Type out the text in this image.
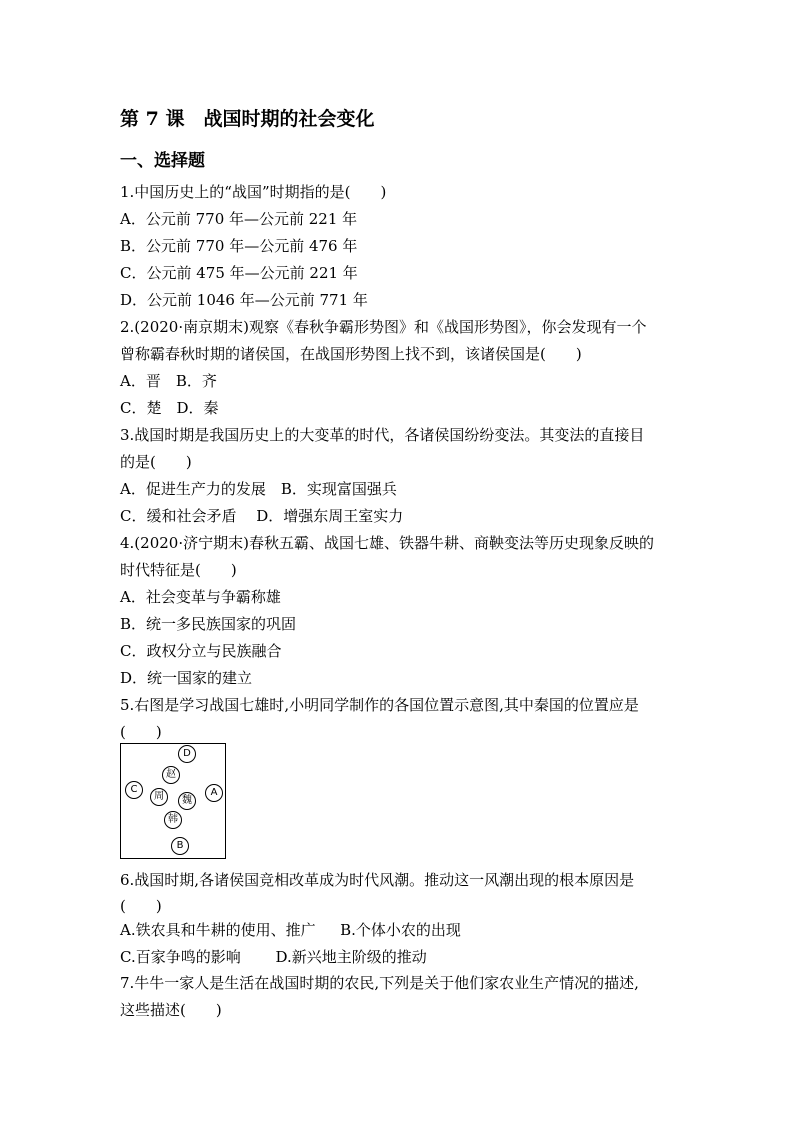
第 7 课　战国时期的社会变化
一、选择题
1.中国历史上的“战国”时期指的是(　　)
A．公元前 770 年—公元前 221 年
B．公元前 770 年—公元前 476 年
C．公元前 475 年—公元前 221 年
D．公元前 1046 年—公元前 771 年
2.(2020·南京期末)观察《春秋争霸形势图》和《战国形势图》，你会发现有一个
曾称霸春秋时期的诸侯国，在战国形势图上找不到，该诸侯国是(　　)
A．晋　B．齐
C．楚　D．秦
3.战国时期是我国历史上的大变革的时代，各诸侯国纷纷变法。其变法的直接目
的是(　　)
A．促进生产力的发展　B．实现富国强兵
C．缓和社会矛盾　 D．增强东周王室实力
4.(2020·济宁期末)春秋五霸、战国七雄、铁器牛耕、商鞅变法等历史现象反映的
时代特征是(　　)
A．社会变革与争霸称雄
B．统一多民族国家的巩固
C．政权分立与民族融合
D．统一国家的建立
5.右图是学习战国七雄时,小明同学制作的各国位置示意图,其中秦国的位置应是
(　　)
D
赵
C
周	魏
A
韩
B
6.战国时期,各诸侯国竞相改革成为时代风潮。推动这一风潮出现的根本原因是
(　　)
A.铁农具和牛耕的使用、推广　  B.个体小农的出现
C.百家争鸣的影响　　 D.新兴地主阶级的推动
7.牛牛一家人是生活在战国时期的农民,下列是关于他们家农业生产情况的描述,
这些描述(　　)
